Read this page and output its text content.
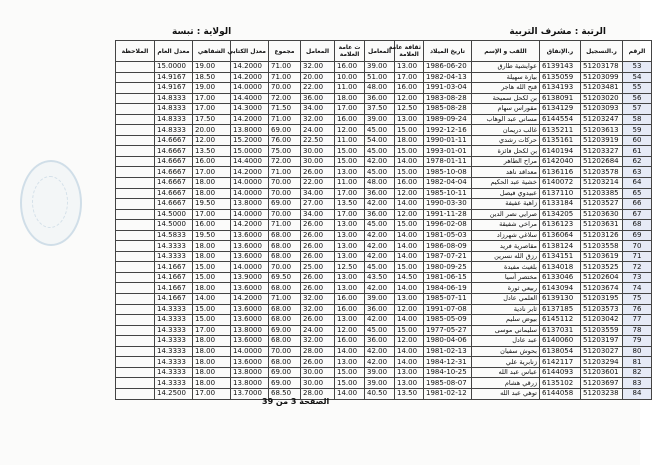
الرتبة : مشرف التربية
الولاية : تبسة
الرقم	ر.التسجيل	ر.الإنفاق	اللقب و الإسم	تاريخ الميلاد	ثقافة عامة
العلامة	المعامل	ت عامة
العلامة	المعامل	مجموع	معدل الكتابي	الشفاهي	معدل العام	الملاحظة
53	51203178	6139143	عوايشية طارق	1986-06-20	13.00	39.00	16.00	32.00	71.00	14.2000	19.00	15.0000	
54	51203099	6135059	بيازة سهيلة	1982-04-13	17.00	51.00	10.00	20.00	71.00	14.2000	18.50	14.9167	
55	51203481	6134193	قنح الله هاجر	1991-03-04	16.00	48.00	11.00	22.00	70.00	14.0000	19.00	14.9167	
56	51203020	6138091	بن لكحل سميحة	1983-08-28	12.00	36.00	18.00	36.00	72.00	14.4000	17.00	14.8333	
57	51203093	6134129	مقوراس سهام	1985-08-28	12.50	37.50	17.00	34.00	71.50	14.3000	17.00	14.8333	
58	51203247	6144554	مساني عبد الوهاب	1989-09-24	13.00	39.00	16.00	32.00	71.00	14.2000	17.50	14.8333	
59	51203613	6135211	غالب دريمان	1992-12-16	15.00	45.00	12.00	24.00	69.00	13.8000	20.00	14.8333	
60	51203919	6135161	حركات رشدي	1990-01-11	18.00	54.00	11.00	22.50	76.00	15.2000	12.00	14.6667	
61	51203327	6140194	بن لكحل فائزة	1993-01-01	15.00	45.00	15.00	30.00	75.00	15.0000	13.50	14.6667	
62	51202684	6142040	مراح الطاهر	1978-01-11	14.00	42.00	15.00	30.00	72.00	14.4000	16.00	14.6667	
63	51203578	6136116	معداقد ناهد	1985-10-08	15.00	45.00	13.00	26.00	71.00	14.2000	17.00	14.6667	
64	51203214	6140072	خشية عبد الحكيم	1982-04-04	16.00	48.00	11.00	22.00	70.00	14.0000	18.00	14.6667	
65	51203385	6137110	عبيدوي فيصل	1985-10-11	12.00	36.00	17.00	34.00	70.00	14.0000	18.00	14.6667	
66	51203527	6133184	زاهية عفيفة	1990-03-30	14.00	42.00	13.50	27.00	69.00	13.8000	19.50	14.6667	
67	51203630	6134205	صرايي نصر الدين	1991-11-28	12.00	36.00	17.00	34.00	70.00	14.0000	17.00	14.5000	
68	51203631	6136123	مراخي شفيقة	1996-02-08	15.00	45.00	13.00	26.00	71.00	14.2000	16.00	14.5000	
69	51203126	6136064	سلاغي شهرزاد	1981-05-03	14.00	42.00	13.00	26.00	68.00	13.6000	19.50	14.5833	
70	51203558	6138124	مقاصرية فريد	1986-08-09	14.00	42.00	13.00	26.00	68.00	13.6000	18.00	14.3333	
71	51203619	6134151	رزق الله نسرين	1987-07-21	14.00	42.00	13.00	26.00	68.00	13.6000	18.00	14.3333	
72	51203525	6134018	بلغيث مفيدة	1980-09-25	15.00	45.00	12.50	25.00	70.00	14.0000	15.00	14.1667	
73	51202604	6133046	مختصر أسيا	1981-06-15	14.50	43.50	13.00	26.00	69.50	13.9000	15.00	14.1667	
74	51203674	6143094	ربيعي ثورة	1984-06-19	14.00	42.00	13.00	26.00	68.00	13.6000	18.00	14.1667	
75	51203195	6139130	العلمي عادل	1985-07-11	13.00	39.00	16.00	32.00	71.00	14.2000	14.00	14.1667	
76	51203573	6137185	ثابر نادية	1991-07-08	12.00	36.00	16.00	32.00	68.00	13.6000	15.00	14.3333	
77	51203042	6145112	بيوض سليم	1985-05-09	14.00	42.00	13.00	26.00	68.00	13.6000	15.00	14.3333	
78	51203559	6137031	سليماني موسى	1977-05-27	15.00	45.00	12.00	24.00	69.00	13.8000	17.00	14.3333	
79	51203197	6140060	عبد عادل	1980-04-06	12.00	36.00	16.00	32.00	68.00	13.6000	18.00	14.3333	
80	51203027	6138054	بحوش سفيان	1981-02-13	14.00	42.00	14.00	28.00	70.00	14.0000	18.00	14.3333	
81	51203294	6142117	زنابرية علي	1984-12-31	14.00	42.00	13.00	26.00	68.00	13.6000	18.00	14.3333	
82	51203601	6144093	عباس عبد الله	1984-10-25	13.00	39.00	15.00	30.00	69.00	13.8000	18.00	14.3333	
83	51203697	6135102	زرقي هشام	1985-08-07	13.00	39.00	15.00	30.00	69.00	13.8000	18.00	14.3333	
84	51203238	6144058	توهي عبد الله	1981-02-12	13.50	40.50	14.00	28.00	68.50	13.7000	17.00	14.2500	
الصفحة 3 من 39
